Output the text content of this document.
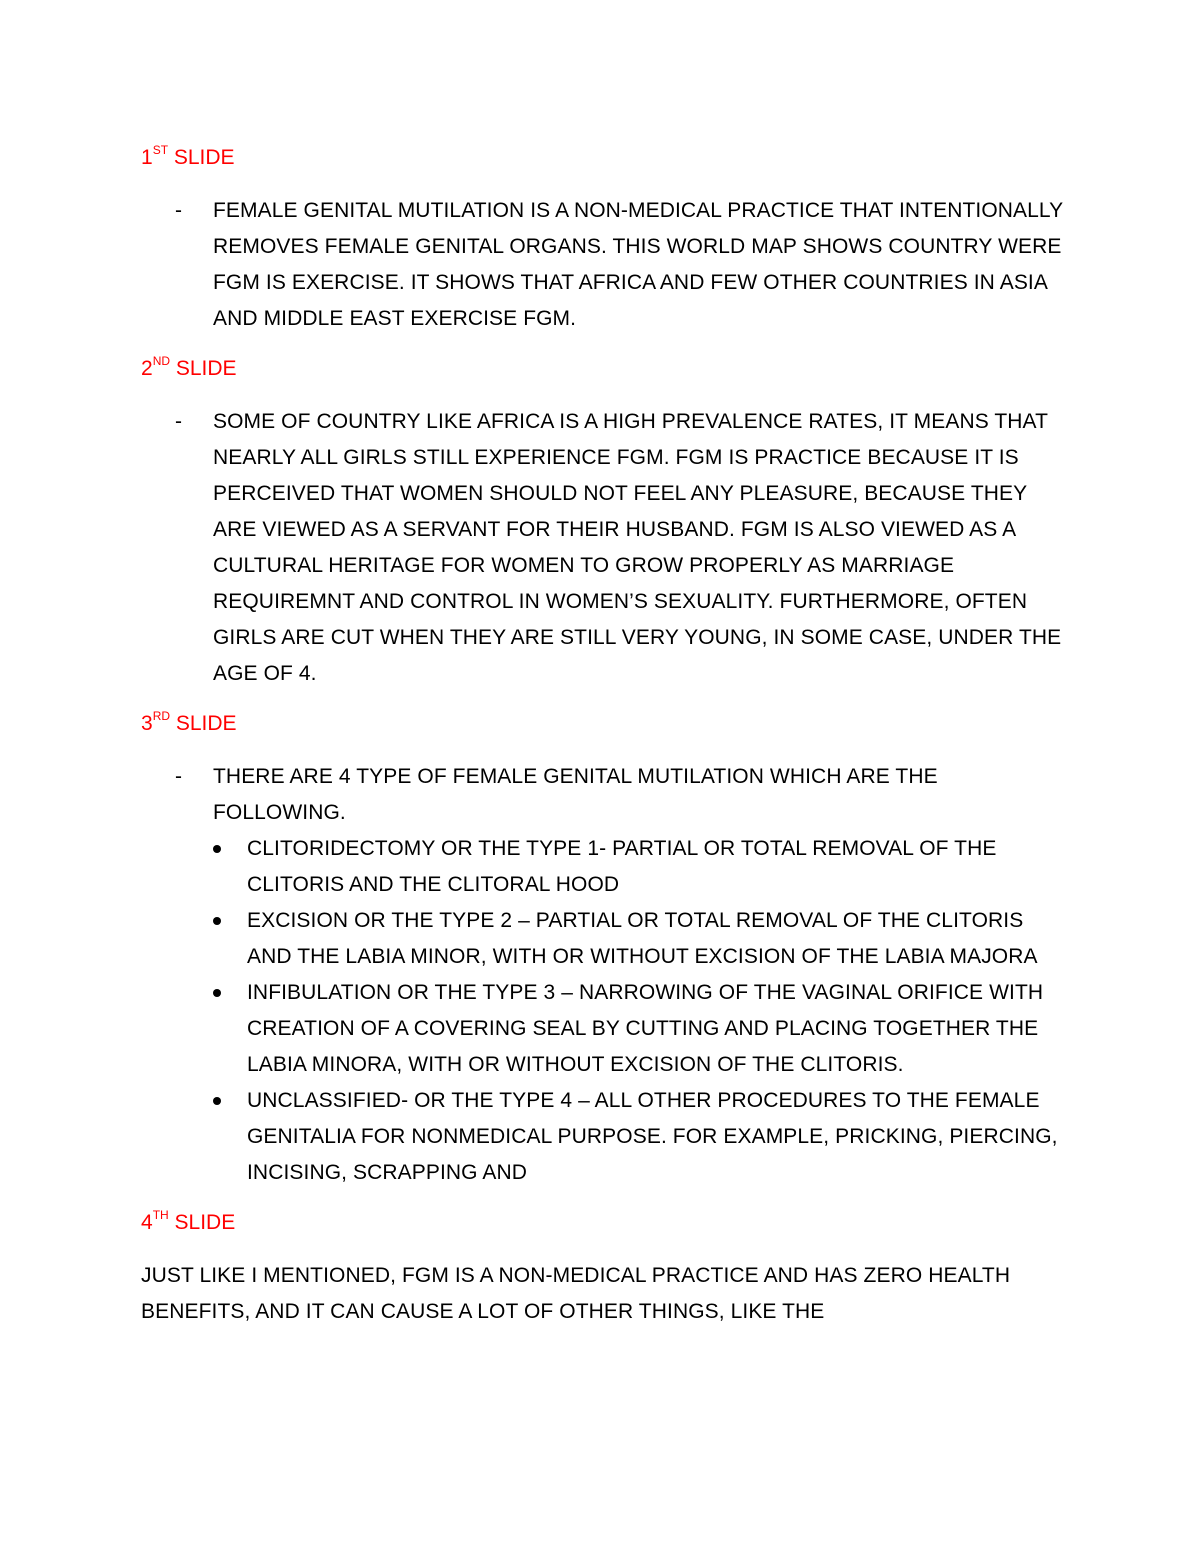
1ST SLIDE
- FEMALE GENITAL MUTILATION IS A NON-MEDICAL PRACTICE THAT INTENTIONALLY REMOVES FEMALE GENITAL ORGANS. THIS WORLD MAP SHOWS COUNTRY WERE FGM IS EXERCISE. IT SHOWS THAT AFRICA AND FEW OTHER COUNTRIES IN ASIA AND MIDDLE EAST EXERCISE FGM.
2ND SLIDE
- SOME OF COUNTRY LIKE AFRICA IS A HIGH PREVALENCE RATES, IT MEANS THAT NEARLY ALL GIRLS STILL EXPERIENCE FGM. FGM IS PRACTICE BECAUSE IT IS PERCEIVED THAT WOMEN SHOULD NOT FEEL ANY PLEASURE, BECAUSE THEY ARE VIEWED AS A SERVANT FOR THEIR HUSBAND. FGM IS ALSO VIEWED AS A CULTURAL HERITAGE FOR WOMEN TO GROW PROPERLY AS MARRIAGE REQUIREMNT AND CONTROL IN WOMEN’S SEXUALITY. FURTHERMORE, OFTEN GIRLS ARE CUT WHEN THEY ARE STILL VERY YOUNG, IN SOME CASE, UNDER THE AGE OF 4.
3RD SLIDE
- THERE ARE 4 TYPE OF FEMALE GENITAL MUTILATION WHICH ARE THE FOLLOWING.
CLITORIDECTOMY OR THE TYPE 1- PARTIAL OR TOTAL REMOVAL OF THE CLITORIS AND THE CLITORAL HOOD
EXCISION OR THE TYPE 2 – PARTIAL OR TOTAL REMOVAL OF THE CLITORIS AND THE LABIA MINOR, WITH OR WITHOUT EXCISION OF THE LABIA MAJORA
INFIBULATION OR THE TYPE 3 – NARROWING OF THE VAGINAL ORIFICE WITH CREATION OF A COVERING SEAL BY CUTTING AND PLACING TOGETHER THE LABIA MINORA, WITH OR WITHOUT EXCISION OF THE CLITORIS.
UNCLASSIFIED- OR THE TYPE 4 – ALL OTHER PROCEDURES TO THE FEMALE GENITALIA FOR NONMEDICAL PURPOSE. FOR EXAMPLE, PRICKING, PIERCING, INCISING, SCRAPPING AND
4TH SLIDE

JUST LIKE I MENTIONED, FGM IS A NON-MEDICAL PRACTICE AND HAS ZERO HEALTH BENEFITS, AND IT CAN CAUSE A LOT OF OTHER THINGS, LIKE THE
